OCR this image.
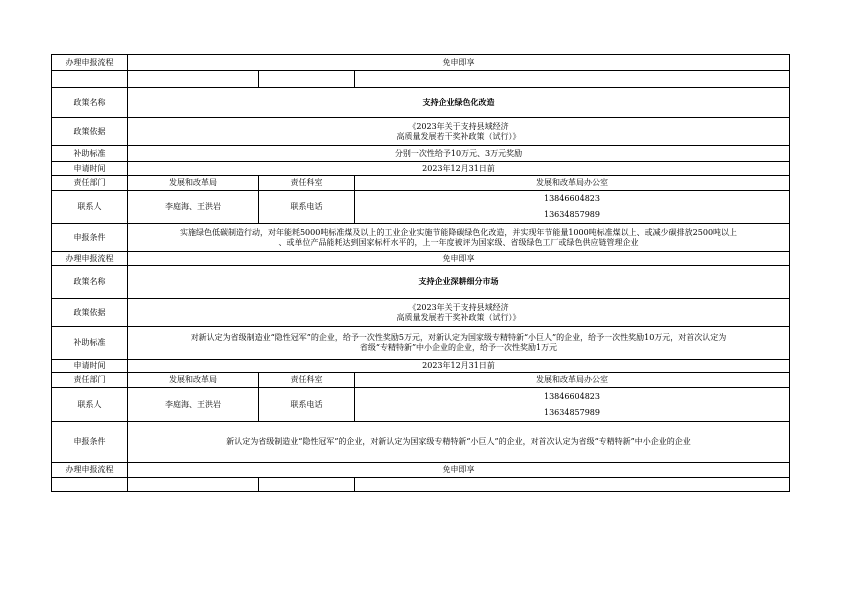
办理申报流程	免申即享		

政策名称	支持企业绿色化改造		
政策依据	《2023年关于支持县域经济
高质量发展若干奖补政策（试行）》		

补助标准	分别一次性给予10万元、3万元奖励		
申请时间	2023年12月31日前		
责任部门	发展和改革局	责任科室	发展和改革局办公室
联系人	李庭海、王洪岩	联系电话	13846604823
13634857989

申报条件	实施绿色低碳制造行动，对年能耗5000吨标准煤及以上的工业企业实施节能降碳绿色化改造，并实现年节能量1000吨标准煤以上、或减少碳排放2500吨以上
、或单位产品能耗达到国家标杆水平的，上一年度被评为国家级、省级绿色工厂或绿色供应链管理企业		

办理申报流程	免申即享		
政策名称	支持企业深耕细分市场		
政策依据	《2023年关于支持县域经济
高质量发展若干奖补政策（试行）》		

补助标准	对新认定为省级制造业“隐性冠军”的企业，给予一次性奖励5万元，对新认定为国家级专精特新“小巨人”的企业，给予一次性奖励10万元，对首次认定为
省级“专精特新”中小企业的企业，给予一次性奖励1万元		

申请时间	2023年12月31日前		
责任部门	发展和改革局	责任科室	发展和改革局办公室
联系人	李庭海、王洪岩	联系电话	13846604823
13634857989

申报条件	新认定为省级制造业“隐性冠军”的企业，对新认定为国家级专精特新“小巨人”的企业，对首次认定为省级“专精特新”中小企业的企业		
办理申报流程	免申即享		
